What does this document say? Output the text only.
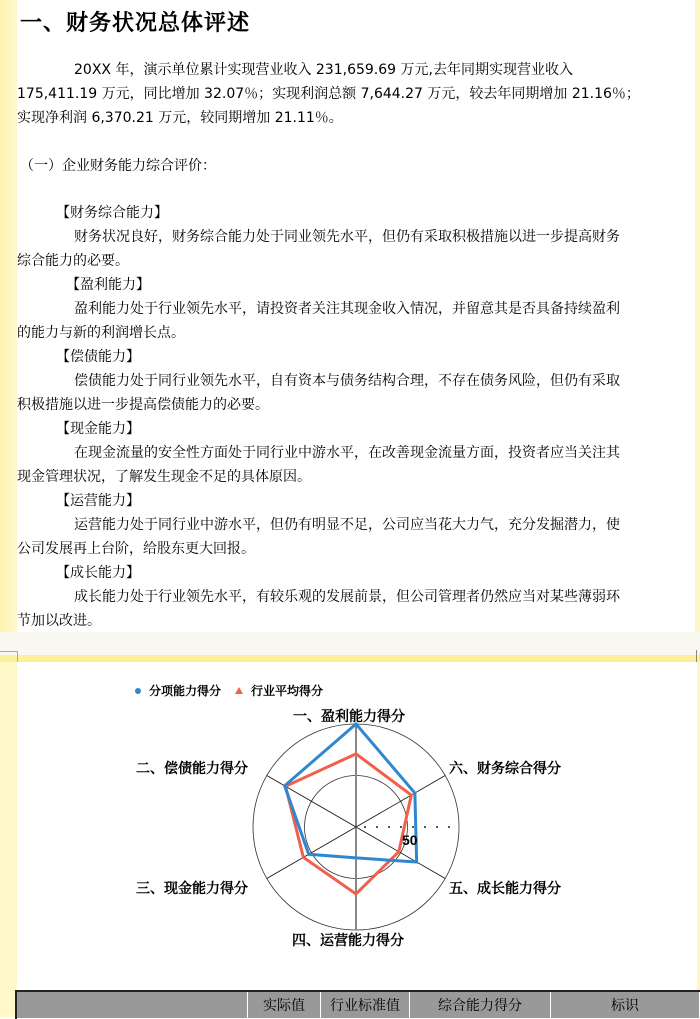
一、财务状况总体评述
20XX 年，演示单位累计实现营业收入 231,659.69 万元,去年同期实现营业收入
175,411.19 万元，同比增加 32.07％；实现利润总额 7,644.27 万元，较去年同期增加 21.16％；
实现净利润 6,370.21 万元，较同期增加 21.11％。
（一）企业财务能力综合评价：
【财务综合能力】
财务状况良好，财务综合能力处于同业领先水平，但仍有采取积极措施以进一步提高财务
综合能力的必要。
【盈利能力】
盈利能力处于行业领先水平，请投资者关注其现金收入情况，并留意其是否具备持续盈利
的能力与新的利润增长点。
【偿债能力】
偿债能力处于同行业领先水平，自有资本与债务结构合理，不存在债务风险，但仍有采取
积极措施以进一步提高偿债能力的必要。
【现金能力】
在现金流量的安全性方面处于同行业中游水平，在改善现金流量方面，投资者应当关注其
现金管理状况，了解发生现金不足的具体原因。
【运营能力】
运营能力处于同行业中游水平，但仍有明显不足，公司应当花大力气，充分发掘潜力，使
公司发展再上台阶，给股东更大回报。
【成长能力】
成长能力处于行业领先水平，有较乐观的发展前景，但公司管理者仍然应当对某些薄弱环
节加以改进。
分项能力得分	行业平均得分
50
一、盈利能力得分
六、财务综合得分
五、成长能力得分
四、运营能力得分
三、现金能力得分
二、偿债能力得分
	实际值	行业标准值	综合能力得分	标识
